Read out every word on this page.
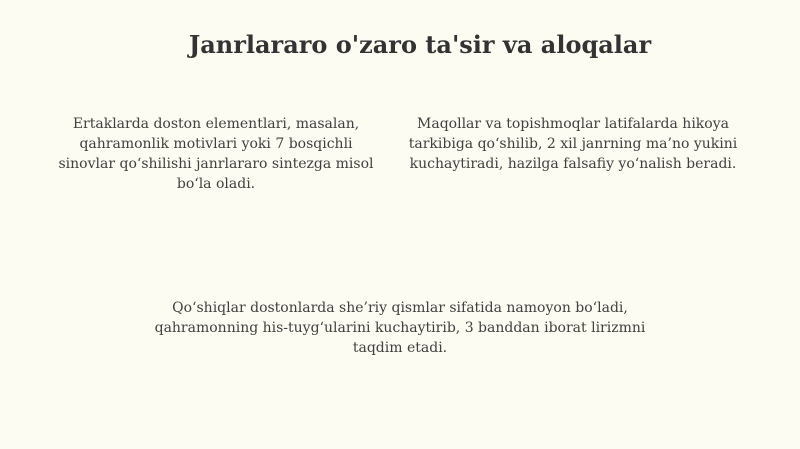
Janrlararo o'zaro ta'sir va aloqalar

Ertaklarda doston elementlari, masalan, qahramonlik motivlari yoki 7 bosqichli sinovlar qo‘shilishi janrlararo sintezga misol bo‘la oladi.

Maqollar va topishmoqlar latifalarda hikoya tarkibiga qo‘shilib, 2 xil janrning ma’no yukini kuchaytiradi, hazilga falsafiy yo‘nalish beradi.

Qo‘shiqlar dostonlarda she’riy qismlar sifatida namoyon bo‘ladi, qahramonning his-tuyg‘ularini kuchaytirib, 3 banddan iborat lirizmni taqdim etadi.
